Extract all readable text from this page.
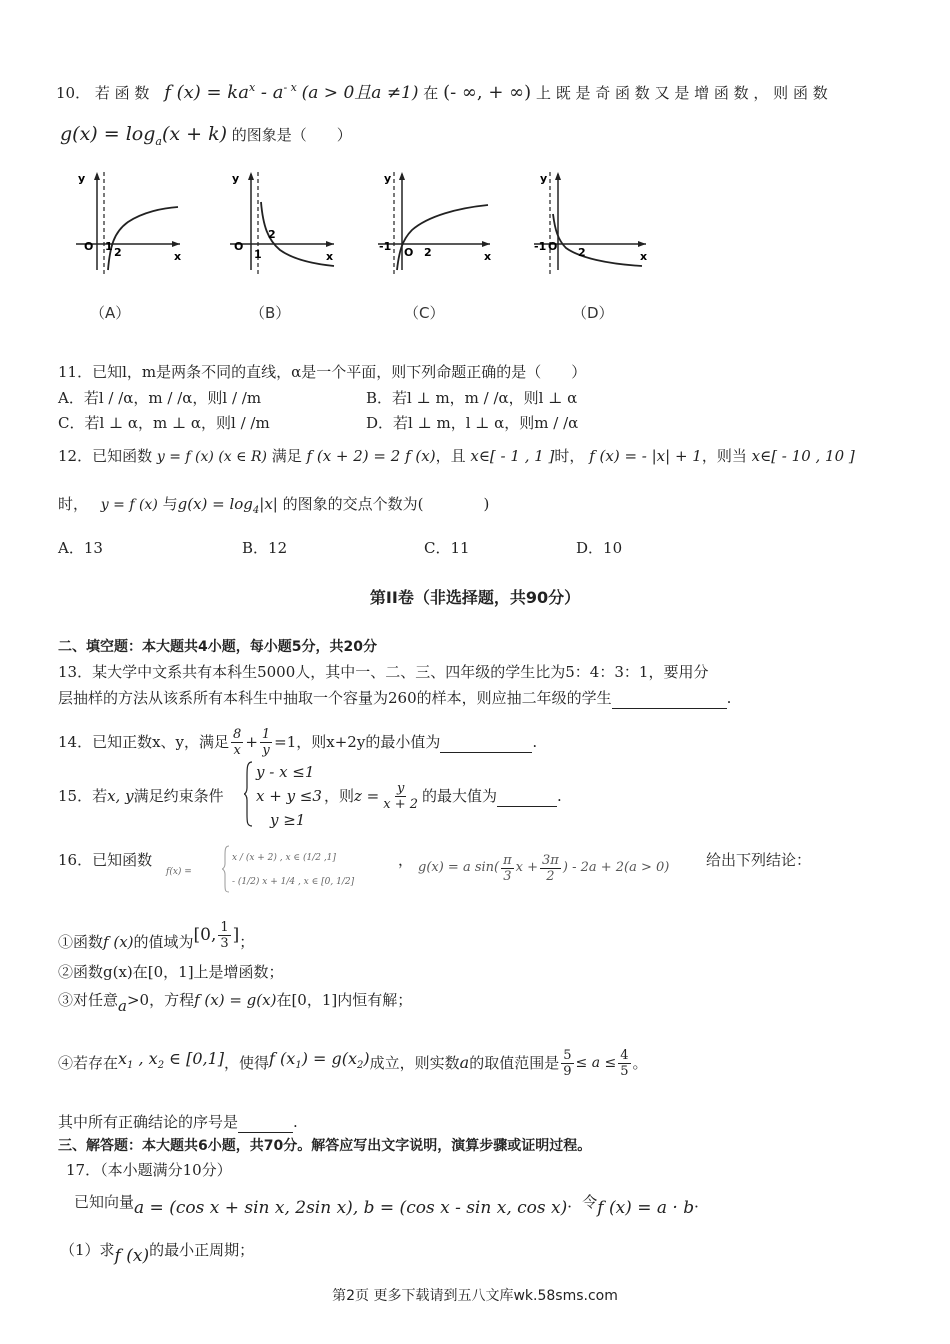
10． 若 函 数 f $(x) = ka^x - a^{- x}$ (a > 0且a ≠1) 在 (- ∞, + ∞) 上 既 是 奇 函 数 又 是 增 函 数 ， 则 函 数
$g(x) = \log_a(x + k)$ 的图象是（　　）
y
O 1 2	x
y
O
1
2
x
y
-1 O 2	x
y
-1 O 2	x
（A）	（B）	（C）	（D）
11．已知l，m是两条不同的直线，α是一个平面，则下列命题正确的是（　　）
A．若l / /α，m / /α，则l / /m	B．若l ⊥ m，m / /α，则l ⊥ α
C．若l ⊥ α，m ⊥ α，则l / /m	D．若l ⊥ m，l ⊥ α，则m / /α
12．已知函数 y = f (x) (x ∈ R) 满足 f (x + 2) = 2 f (x)，且 x∈[ - 1 , 1 ]时， f (x) = - |x| + 1，则当 x∈[ - 10 , 10 ]
时， y = f (x) 与$g(x) = \log_4|x|$ 的图象的交点个数为(　　　　)
A．13	B．12	C．11	D．10
第II卷（非选择题，共90分）
二、填空题：本大题共4小题，每小题5分，共20分
13．某大学中文系共有本科生5000人，其中一、二、三、四年级的学生比为5：4：3：1，要用分
层抽样的方法从该系所有本科生中抽取一个容量为260的样本，则应抽二年级的学生	.
14．已知正数x、y，满足 $\frac{8}{x} + \frac{1}{y} =1$，则x+2y的最小值为
	.
15．若x, y满足约束条件
y - x ≤1
x + y ≤3
y ≥1
，则 $z = \frac{y}{x + 2}$ 的最大值为
	.
16．已知函数
f(x) =
x / (x + 2) , x ∈ (1/2 ,1]
- (1/2) x + 1/4 , x ∈ [0, 1/2]
， g(x) = a $\sin( \frac{\pi}{3}$ $x + \frac{3\pi}{2}$ ) - 2a + 2(a > 0) 给出下列结论：
①函数 f (x) 的值域为 [0, $\frac{1}{3}$ ] ；
②函数g(x)在[0，1]上是增函数；
③对任意a>0，方程f (x) = g(x)在[0，1]内恒有解；
④若存在 $x_1$ , $x_2$ ∈ [0,1] ，使得 f $(x_1) = g(x_2)$ 成立，则实数 a 的取值范围是 $\frac{5}{9} \le a \le \frac{4}{5}$ 。
其中所有正确结论的序号是	.
三、解答题：本大题共6小题，共70分。解答应写出文字说明，演算步骤或证明过程。
17．（本小题满分10分）
已知向量a = (cos x + sin x, 2sin x), b = (cos x - sin x, cos x)．令f (x) = a · b．
（1）求f (x)的最小正周期；
第2页 更多下载请到五八文库wk.58sms.com
